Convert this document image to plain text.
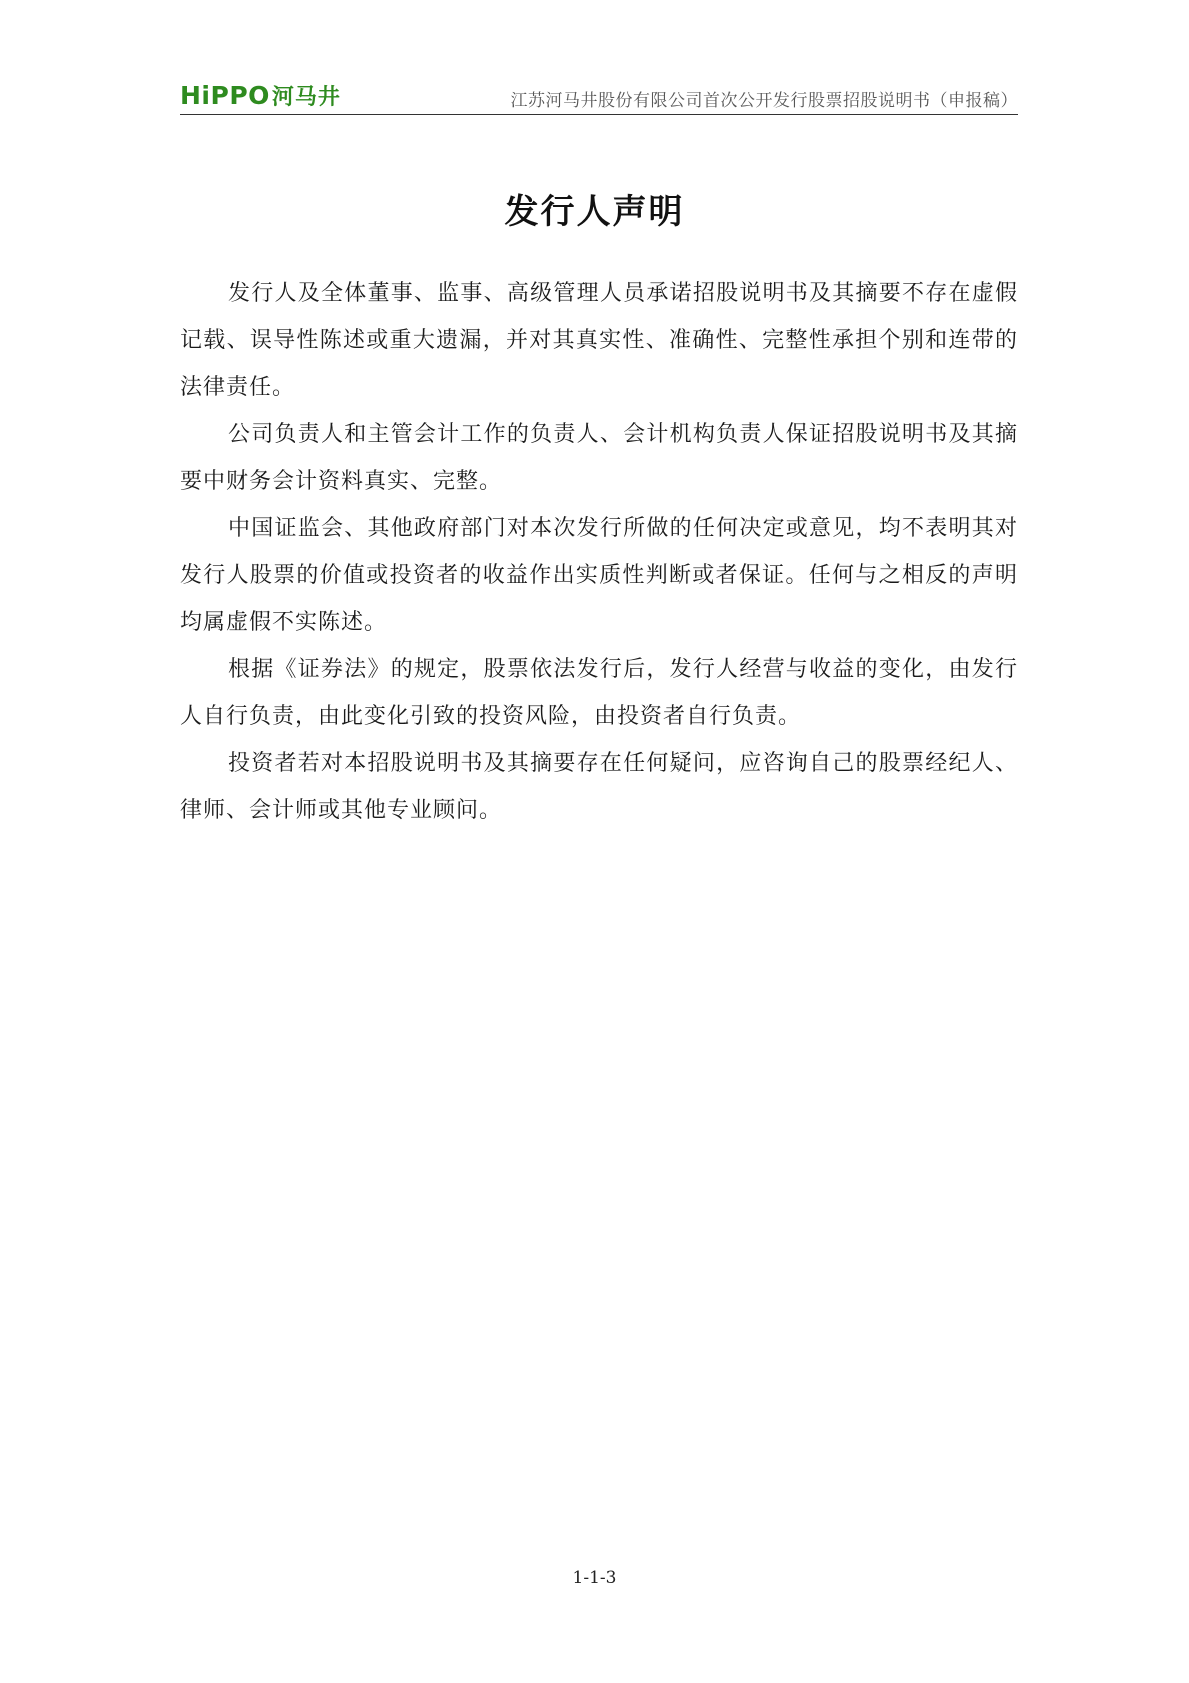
HiPPO 河马井	江苏河马井股份有限公司首次公开发行股票招股说明书（申报稿）
发行人声明

发行人及全体董事、监事、高级管理人员承诺招股说明书及其摘要不存在虚假记载、误导性陈述或重大遗漏，并对其真实性、准确性、完整性承担个别和连带的法律责任。

公司负责人和主管会计工作的负责人、会计机构负责人保证招股说明书及其摘要中财务会计资料真实、完整。

中国证监会、其他政府部门对本次发行所做的任何决定或意见，均不表明其对发行人股票的价值或投资者的收益作出实质性判断或者保证。任何与之相反的声明均属虚假不实陈述。

根据《证券法》的规定，股票依法发行后，发行人经营与收益的变化，由发行人自行负责，由此变化引致的投资风险，由投资者自行负责。

投资者若对本招股说明书及其摘要存在任何疑问，应咨询自己的股票经纪人、律师、会计师或其他专业顾问。

1-1-3
